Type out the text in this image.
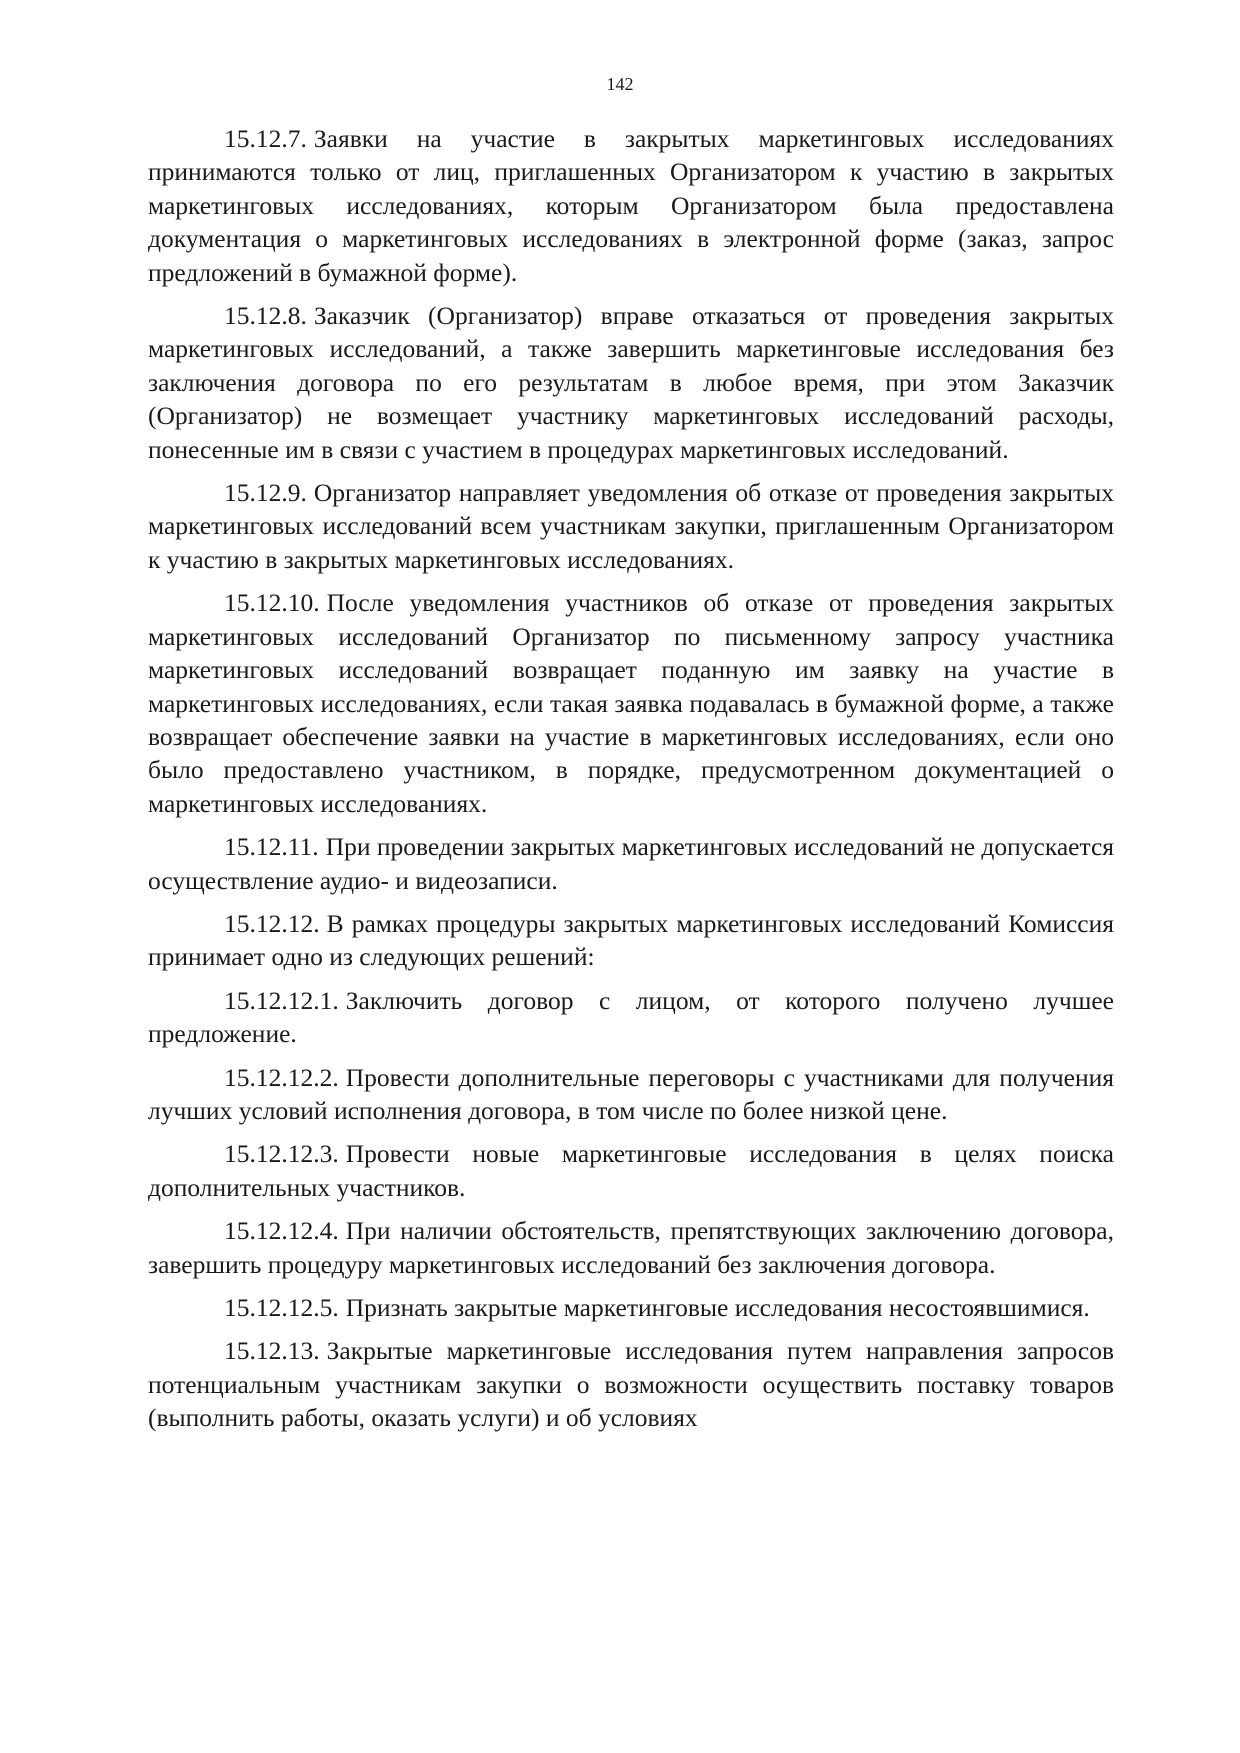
142

15.12.7. Заявки на участие в закрытых маркетинговых исследованиях принимаются только от лиц, приглашенных Организатором к участию в закрытых маркетинговых исследованиях, которым Организатором была предоставлена документация о маркетинговых исследованиях в электронной форме (заказ, запрос предложений в бумажной форме).

15.12.8. Заказчик (Организатор) вправе отказаться от проведения закрытых маркетинговых исследований, а также завершить маркетинговые исследования без заключения договора по его результатам в любое время, при этом Заказчик (Организатор) не возмещает участнику маркетинговых исследований расходы, понесенные им в связи с участием в процедурах маркетинговых исследований.

15.12.9. Организатор направляет уведомления об отказе от проведения закрытых маркетинговых исследований всем участникам закупки, приглашенным Организатором к участию в закрытых маркетинговых исследованиях.

15.12.10. После уведомления участников об отказе от проведения закрытых маркетинговых исследований Организатор по письменному запросу участника маркетинговых исследований возвращает поданную им заявку на участие в маркетинговых исследованиях, если такая заявка подавалась в бумажной форме, а также возвращает обеспечение заявки на участие в маркетинговых исследованиях, если оно было предоставлено участником, в порядке, предусмотренном документацией о маркетинговых исследованиях.

15.12.11. При проведении закрытых маркетинговых исследований не допускается осуществление аудио- и видеозаписи.

15.12.12. В рамках процедуры закрытых маркетинговых исследований Комиссия принимает одно из следующих решений:

15.12.12.1. Заключить договор с лицом, от которого получено лучшее предложение.

15.12.12.2. Провести дополнительные переговоры с участниками для получения лучших условий исполнения договора, в том числе по более низкой цене.

15.12.12.3. Провести новые маркетинговые исследования в целях поиска дополнительных участников.

15.12.12.4. При наличии обстоятельств, препятствующих заключению договора, завершить процедуру маркетинговых исследований без заключения договора.

15.12.12.5. Признать закрытые маркетинговые исследования несостоявшимися.

15.12.13. Закрытые маркетинговые исследования путем направления запросов потенциальным участникам закупки о возможности осуществить поставку товаров (выполнить работы, оказать услуги) и об условиях
